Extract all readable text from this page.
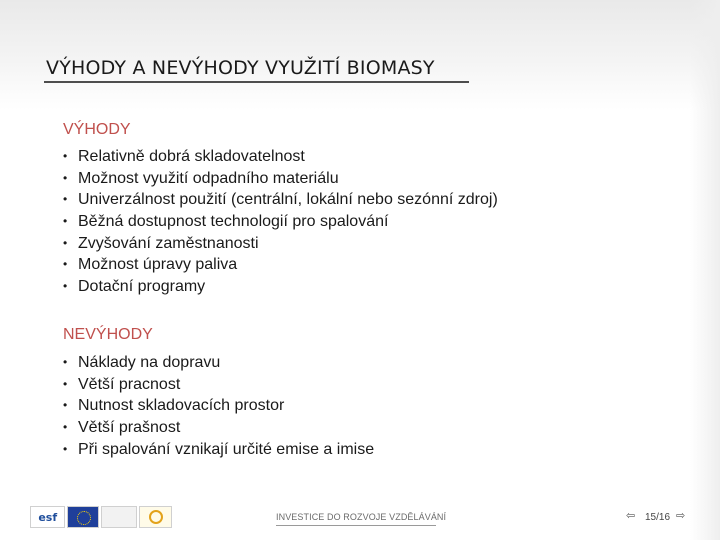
VÝHODY A NEVÝHODY VYUŽITÍ BIOMASY
VÝHODY
• Relativně dobrá skladovatelnost
• Možnost využití odpadního materiálu
• Univerzálnost použití (centrální, lokální nebo sezónní zdroj)
• Běžná dostupnost technologií pro spalování
• Zvyšování zaměstnanosti
• Možnost úpravy paliva
• Dotační programy
NEVÝHODY
• Náklady na dopravu
• Větší pracnost
• Nutnost skladovacích prostor
• Větší prašnost
• Při spalování vznikají určité emise a imise
esf	INVESTICE DO ROZVOJE VZDĚLÁVÁNÍ	⇦ 15/16 ⇨
